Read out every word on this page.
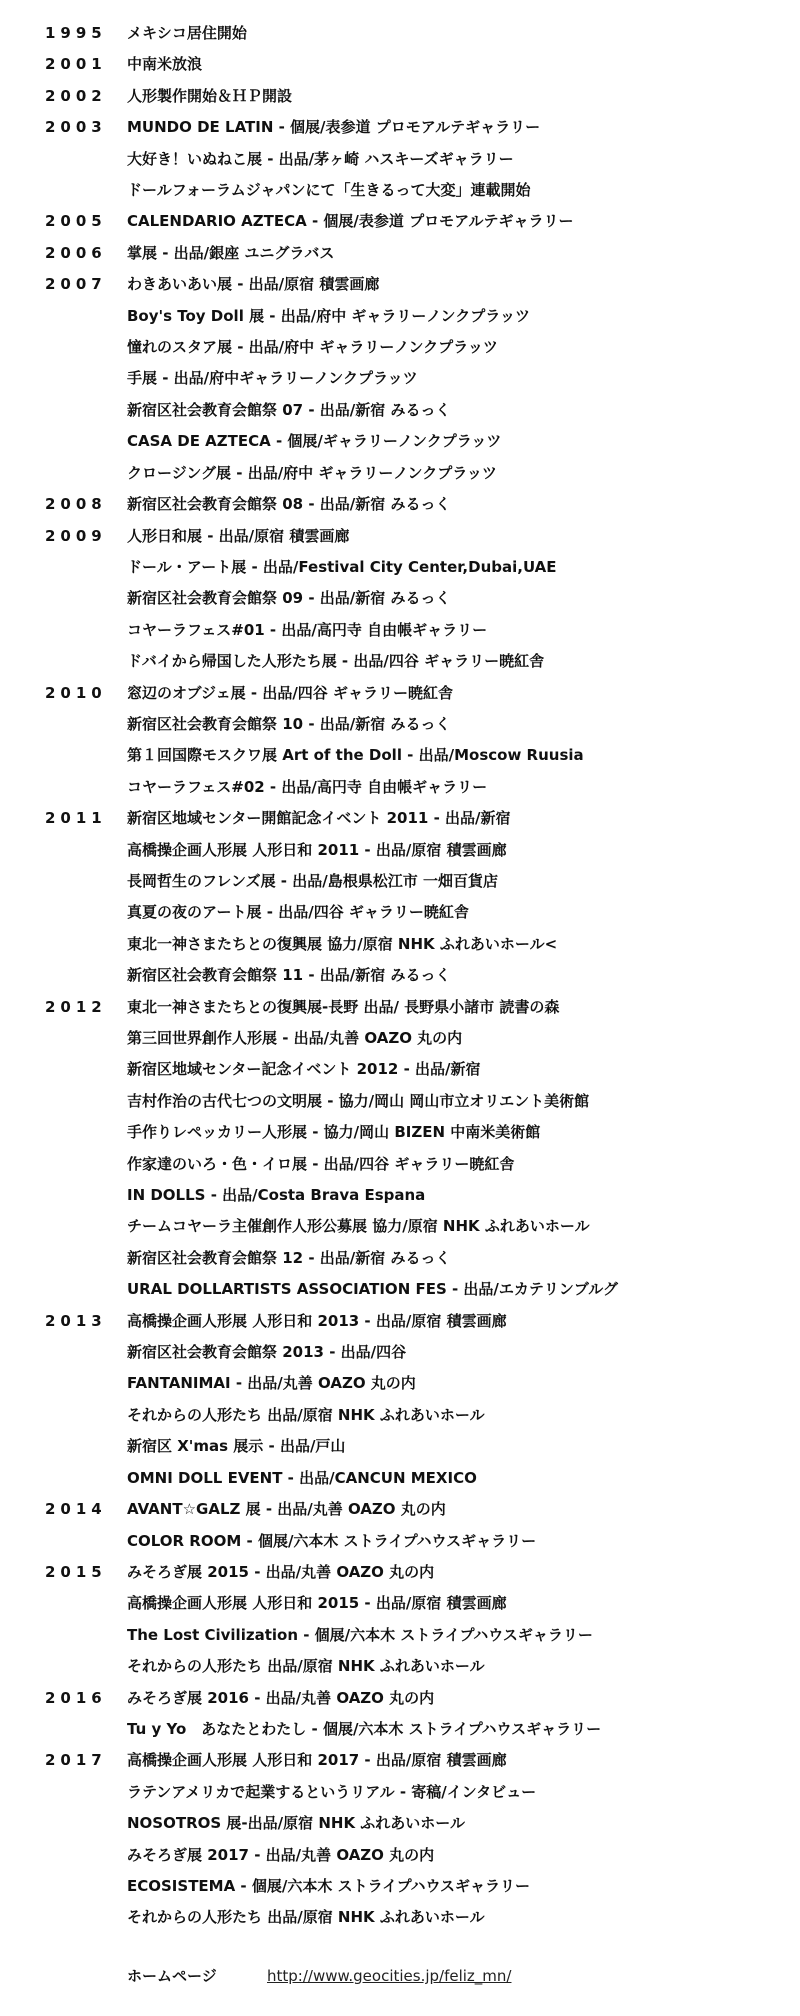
1995	メキシコ居住開始
2001	中南米放浪
2002	人形製作開始＆ＨＰ開設
2003	MUNDO DE LATIN - 個展/表参道 プロモアルテギャラリー
大好き！いぬねこ展 - 出品/茅ヶ崎 ハスキーズギャラリー
ドールフォーラムジャパンにて「生きるって大変」連載開始
2005	CALENDARIO AZTECA - 個展/表参道 プロモアルテギャラリー
2006	掌展 - 出品/銀座 ユニグラバス
2007	わきあいあい展 - 出品/原宿 積雲画廊
Boy's Toy Doll 展 - 出品/府中 ギャラリーノンクプラッツ
憧れのスタア展 - 出品/府中 ギャラリーノンクプラッツ
手展 - 出品/府中ギャラリーノンクプラッツ
新宿区社会教育会館祭 07 - 出品/新宿 みるっく
CASA DE AZTECA - 個展/ギャラリーノンクプラッツ
クロージング展 - 出品/府中 ギャラリーノンクプラッツ
2008	新宿区社会教育会館祭 08 - 出品/新宿 みるっく
2009	人形日和展 - 出品/原宿 積雲画廊
ドール・アート展 - 出品/Festival City Center,Dubai,UAE
新宿区社会教育会館祭 09 - 出品/新宿 みるっく
コヤーラフェス#01 - 出品/高円寺 自由帳ギャラリー
ドバイから帰国した人形たち展 - 出品/四谷 ギャラリー暁紅舎
2010	窓辺のオブジェ展 - 出品/四谷 ギャラリー暁紅舎
新宿区社会教育会館祭 10 - 出品/新宿 みるっく
第１回国際モスクワ展 Art of the Doll - 出品/Moscow Ruusia
コヤーラフェス#02 - 出品/高円寺 自由帳ギャラリー
2011	新宿区地域センター開館記念イベント 2011 - 出品/新宿
高橋操企画人形展 人形日和 2011 - 出品/原宿 積雲画廊
長岡哲生のフレンズ展 - 出品/島根県松江市 一畑百貨店
真夏の夜のアート展 - 出品/四谷 ギャラリー暁紅舎
東北一神さまたちとの復興展 協力/原宿 NHK ふれあいホール<
新宿区社会教育会館祭 11 - 出品/新宿 みるっく
2012	東北一神さまたちとの復興展-長野 出品/ 長野県小諸市 読書の森
第三回世界創作人形展 - 出品/丸善 OAZO 丸の内
新宿区地域センター記念イベント 2012 - 出品/新宿
吉村作治の古代七つの文明展 - 協力/岡山 岡山市立オリエント美術館
手作りレペッカリー人形展 - 協力/岡山 BIZEN 中南米美術館
作家達のいろ・色・イロ展 - 出品/四谷 ギャラリー暁紅舎
IN DOLLS - 出品/Costa Brava Espana
チームコヤーラ主催創作人形公募展 協力/原宿 NHK ふれあいホール
新宿区社会教育会館祭 12 - 出品/新宿 みるっく
URAL DOLLARTISTS ASSOCIATION FES - 出品/エカテリンブルグ
2013	高橋操企画人形展 人形日和 2013 - 出品/原宿 積雲画廊
新宿区社会教育会館祭 2013 - 出品/四谷
FANTANIMAI - 出品/丸善 OAZO 丸の内
それからの人形たち 出品/原宿 NHK ふれあいホール
新宿区 X'mas 展示 - 出品/戸山
OMNI DOLL EVENT - 出品/CANCUN MEXICO
2014	AVANT☆GALZ 展 - 出品/丸善 OAZO 丸の内
COLOR ROOM - 個展/六本木 ストライプハウスギャラリー
2015	みそろぎ展 2015 - 出品/丸善 OAZO 丸の内
高橋操企画人形展 人形日和 2015 - 出品/原宿 積雲画廊
The Lost Civilization - 個展/六本木 ストライプハウスギャラリー
それからの人形たち 出品/原宿 NHK ふれあいホール
2016	みそろぎ展 2016 - 出品/丸善 OAZO 丸の内
Tu y Yo　あなたとわたし - 個展/六本木 ストライプハウスギャラリー
2017	高橋操企画人形展 人形日和 2017 - 出品/原宿 積雲画廊
ラテンアメリカで起業するというリアル - 寄稿/インタビュー
NOSOTROS 展-出品/原宿 NHK ふれあいホール
みそろぎ展 2017 - 出品/丸善 OAZO 丸の内
ECOSISTEMA - 個展/六本木 ストライプハウスギャラリー
それからの人形たち 出品/原宿 NHK ふれあいホール
ホームページ	http://www.geocities.jp/feliz_mn/
